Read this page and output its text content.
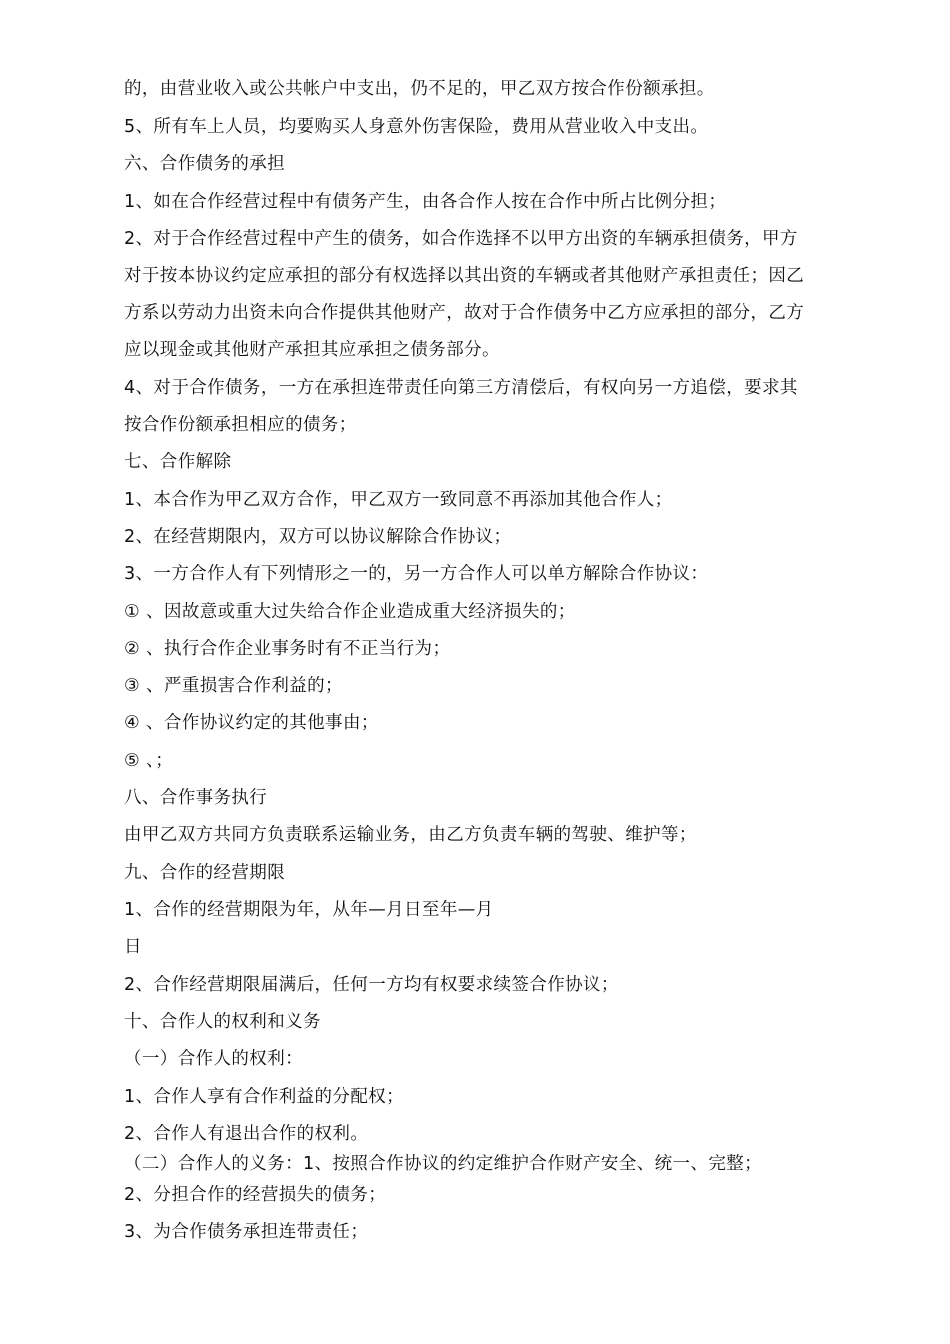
的，由营业收入或公共帐户中支出，仍不足的，甲乙双方按合作份额承担。
5、所有车上人员，均要购买人身意外伤害保险，费用从营业收入中支出。
六、合作债务的承担
1、如在合作经营过程中有债务产生，由各合作人按在合作中所占比例分担；
2、对于合作经营过程中产生的债务，如合作选择不以甲方出资的车辆承担债务，甲方
对于按本协议约定应承担的部分有权选择以其出资的车辆或者其他财产承担责任；因乙
方系以劳动力出资未向合作提供其他财产，故对于合作债务中乙方应承担的部分，乙方
应以现金或其他财产承担其应承担之债务部分。
4、对于合作债务，一方在承担连带责任向第三方清偿后，有权向另一方追偿，要求其
按合作份额承担相应的债务；
七、合作解除
1、本合作为甲乙双方合作，甲乙双方一致同意不再添加其他合作人；
2、在经营期限内，双方可以协议解除合作协议；
3、一方合作人有下列情形之一的，另一方合作人可以单方解除合作协议：
① 、因故意或重大过失给合作企业造成重大经济损失的；
② 、执行合作企业事务时有不正当行为；
③ 、严重损害合作利益的；
④ 、合作协议约定的其他事由；
⑤ 、；
八、合作事务执行
由甲乙双方共同方负责联系运输业务，由乙方负责车辆的驾驶、维护等；
九、合作的经营期限
1、合作的经营期限为年，从年—月日至年—月
日
2、合作经营期限届满后，任何一方均有权要求续签合作协议；
十、合作人的权利和义务
（一）合作人的权利：
1、合作人享有合作利益的分配权；
2、合作人有退出合作的权利。
（二）合作人的义务：1、按照合作协议的约定维护合作财产安全、统一、完整；
2、分担合作的经营损失的债务；
3、为合作债务承担连带责任；
